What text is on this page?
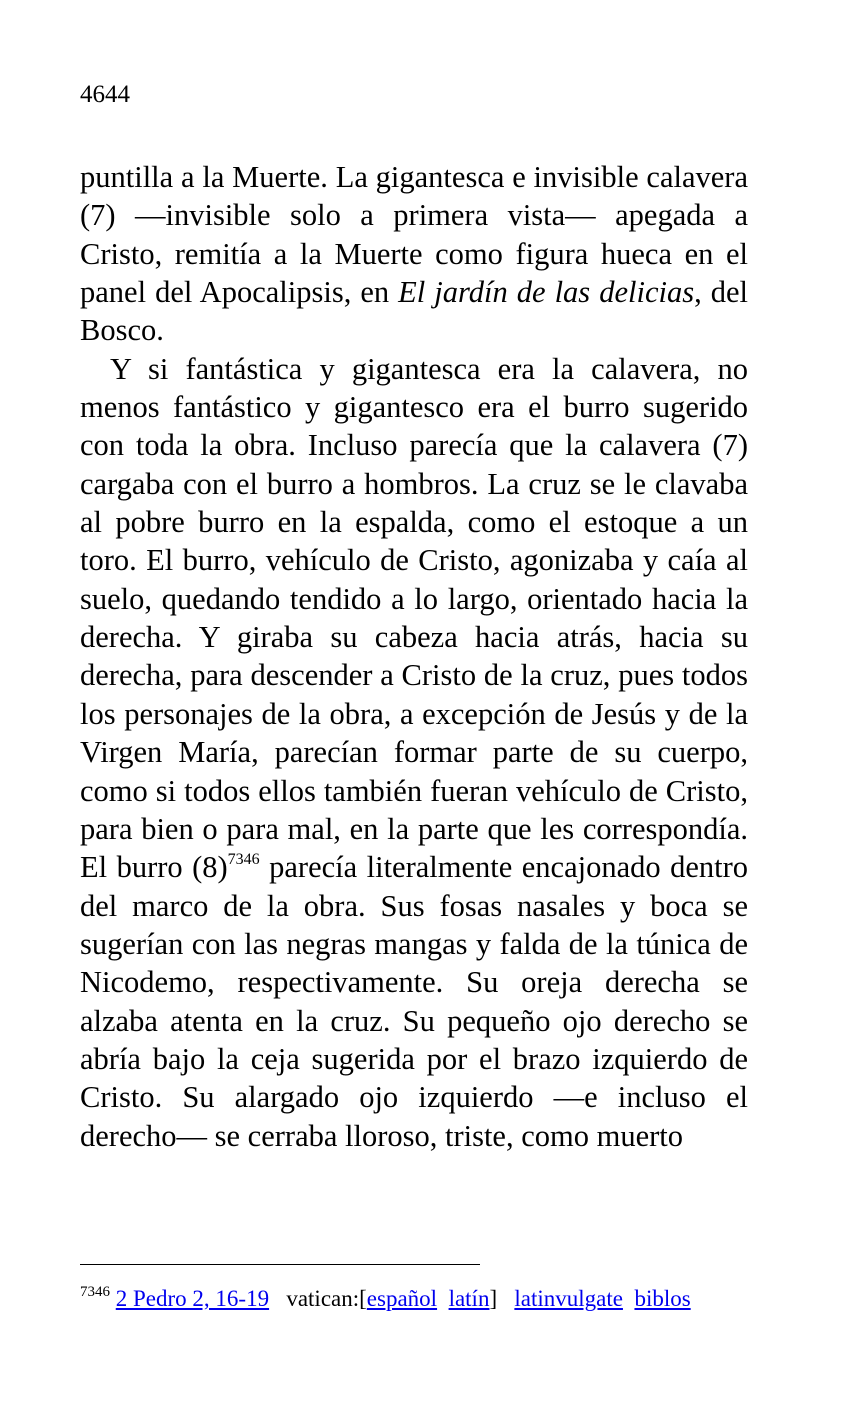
4644

puntilla a la Muerte. La gigantesca e invisible calavera (7) —invisible solo a primera vista— apegada a Cristo, remitía a la Muerte como figura hueca en el panel del Apocalipsis, en El jardín de las delicias, del Bosco.

Y si fantástica y gigantesca era la calavera, no menos fantástico y gigantesco era el burro sugerido con toda la obra. Incluso parecía que la calavera (7) cargaba con el burro a hombros. La cruz se le clavaba al pobre burro en la espalda, como el estoque a un toro. El burro, vehículo de Cristo, agonizaba y caía al suelo, quedando tendido a lo largo, orientado hacia la derecha. Y giraba su cabeza hacia atrás, hacia su derecha, para descender a Cristo de la cruz, pues todos los personajes de la obra, a excepción de Jesús y de la Virgen María, parecían formar parte de su cuerpo, como si todos ellos también fueran vehículo de Cristo, para bien o para mal, en la parte que les correspondía. El burro (8)$^{7346}$ parecía literalmente encajonado dentro del marco de la obra. Sus fosas nasales y boca se sugerían con las negras mangas y falda de la túnica de Nicodemo, respectivamente. Su oreja derecha se alzaba atenta en la cruz. Su pequeño ojo derecho se abría bajo la ceja sugerida por el brazo izquierdo de Cristo. Su alargado ojo izquierdo —e incluso el derecho— se cerraba lloroso, triste, como muerto

$^{7346}$ 2 Pedro 2, 16-19 vatican:[español latín] latinvulgate biblos
